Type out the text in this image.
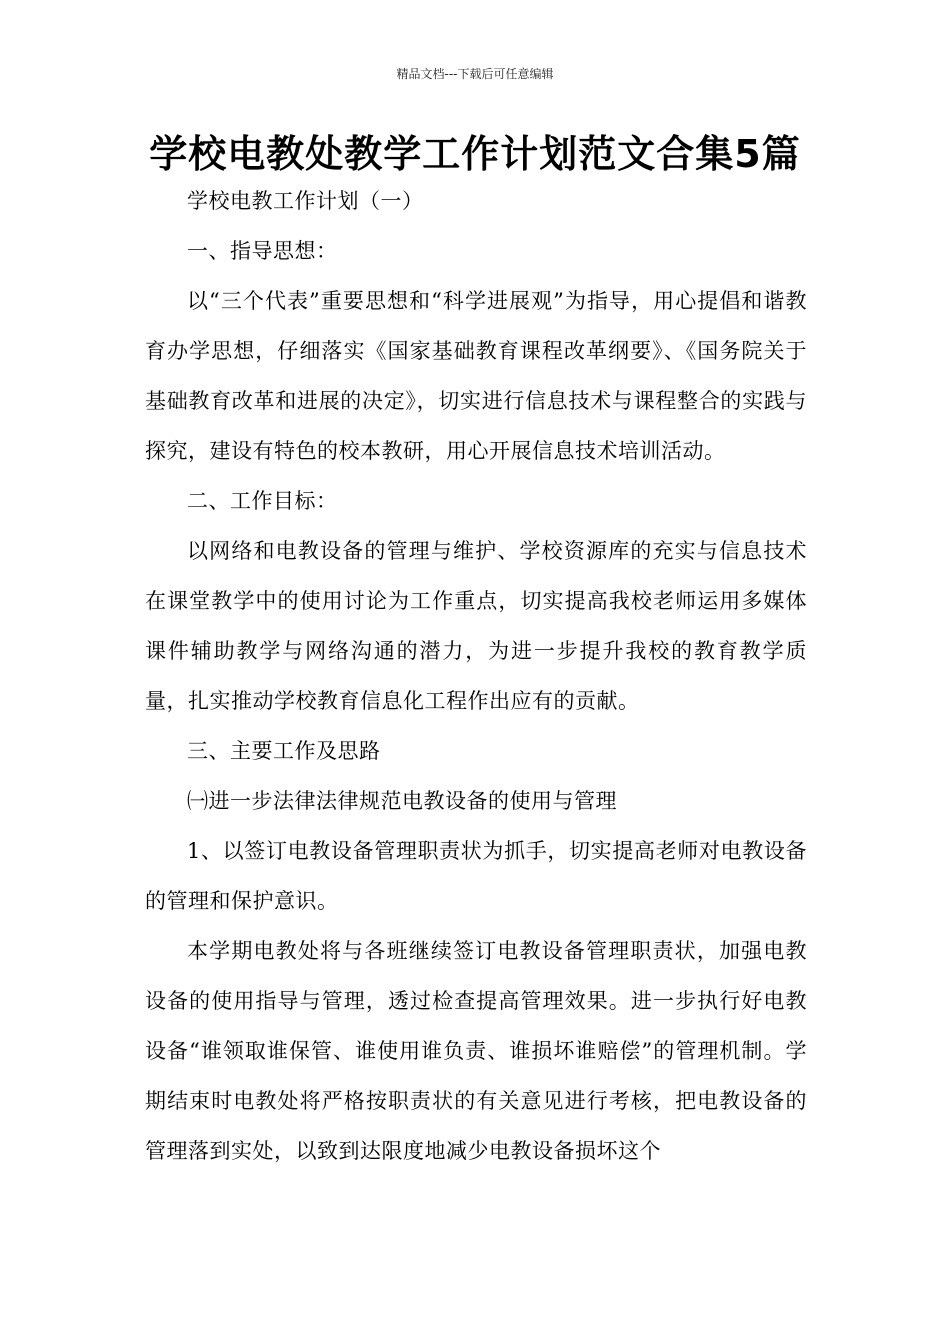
精品文档---下载后可任意编辑
学校电教处教学工作计划范文合集5篇

学校电教工作计划（一）

一、指导思想：

以“三个代表”重要思想和“科学进展观”为指导，用心提倡和谐教育办学思想，仔细落实《国家基础教育课程改革纲要》、《国务院关于基础教育改革和进展的决定》，切实进行信息技术与课程整合的实践与探究，建设有特色的校本教研，用心开展信息技术培训活动。

二、工作目标：

以网络和电教设备的管理与维护、学校资源库的充实与信息技术在课堂教学中的使用讨论为工作重点，切实提高我校老师运用多媒体课件辅助教学与网络沟通的潜力，为进一步提升我校的教育教学质量，扎实推动学校教育信息化工程作出应有的贡献。

三、主要工作及思路

㈠进一步法律法律规范电教设备的使用与管理

1、以签订电教设备管理职责状为抓手，切实提高老师对电教设备的管理和保护意识。

本学期电教处将与各班继续签订电教设备管理职责状，加强电教设备的使用指导与管理，透过检查提高管理效果。进一步执行好电教设备“谁领取谁保管、谁使用谁负责、谁损坏谁赔偿”的管理机制。学期结束时电教处将严格按职责状的有关意见进行考核，把电教设备的管理落到实处，以致到达限度地减少电教设备损坏这个
